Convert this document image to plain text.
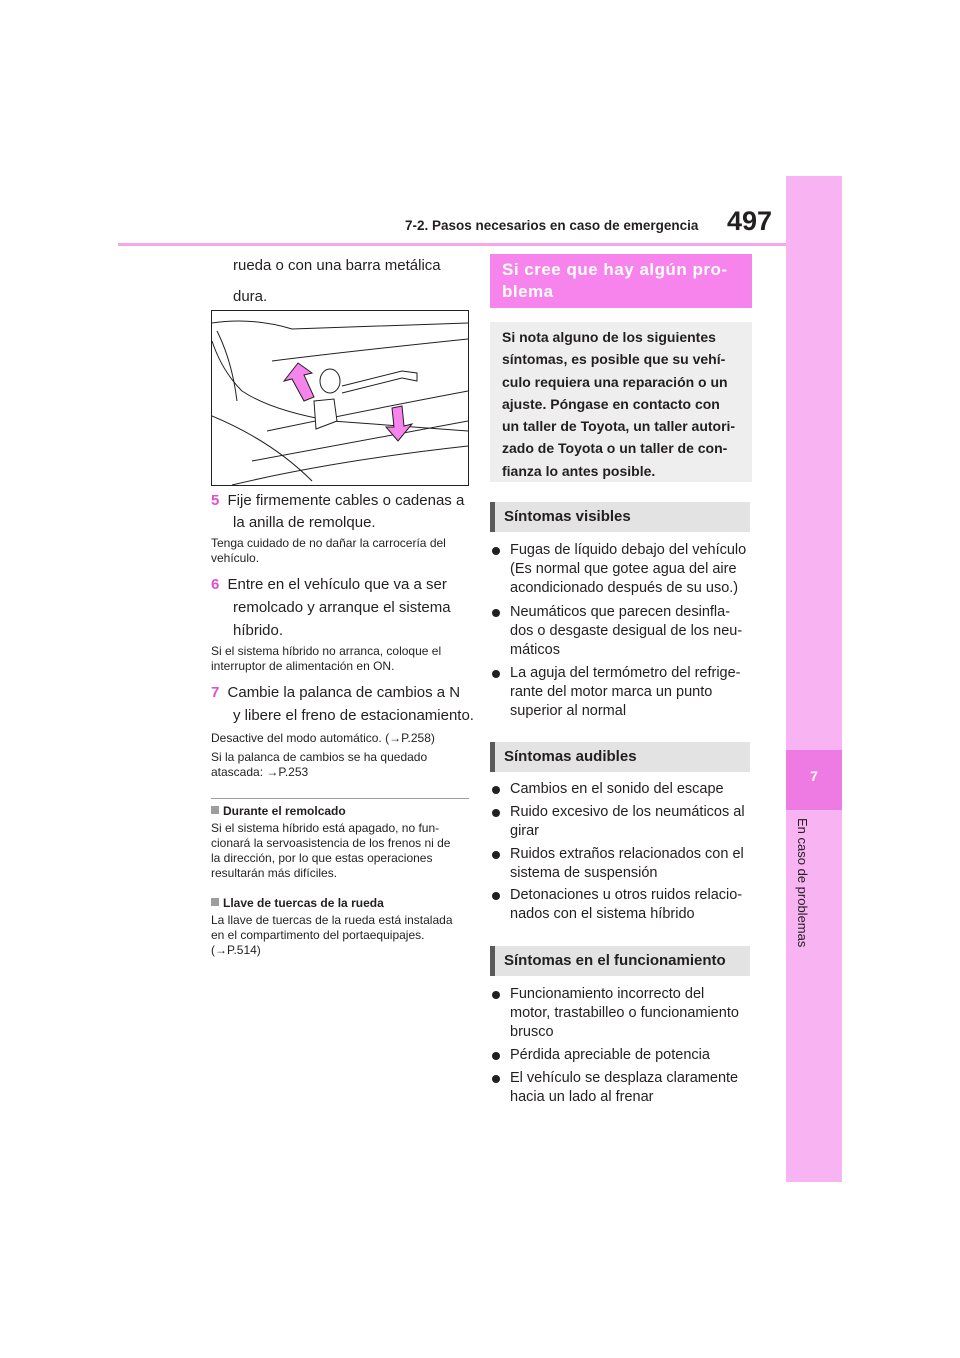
7-2. Pasos necesarios en caso de emergencia 497
7
En caso de problemas
rueda o con una barra metálica
dura.
5 Fije firmemente cables o cadenas a
la anilla de remolque.
Tenga cuidado de no dañar la carrocería del
vehículo.
6 Entre en el vehículo que va a ser
remolcado y arranque el sistema
híbrido.
Si el sistema híbrido no arranca, coloque el
interruptor de alimentación en ON.
7 Cambie la palanca de cambios a N
y libere el freno de estacionamiento.
Desactive del modo automático. (→P.258)
Si la palanca de cambios se ha quedado
atascada: →P.253
Durante el remolcado
Si el sistema híbrido está apagado, no fun-
cionará la servoasistencia de los frenos ni de
la dirección, por lo que estas operaciones
resultarán más difíciles.
Llave de tuercas de la rueda
La llave de tuercas de la rueda está instalada
en el compartimento del portaequipajes.
(→P.514)
Si cree que hay algún pro-
blema
Si nota alguno de los siguientes
síntomas, es posible que su vehí-
culo requiera una reparación o un
ajuste. Póngase en contacto con
un taller de Toyota, un taller autori-
zado de Toyota o un taller de con-
fianza lo antes posible.
Síntomas visibles
Fugas de líquido debajo del vehículo
(Es normal que gotee agua del aire
acondicionado después de su uso.)
Neumáticos que parecen desinfla-
dos o desgaste desigual de los neu-
máticos
La aguja del termómetro del refrige-
rante del motor marca un punto
superior al normal
Síntomas audibles
Cambios en el sonido del escape
Ruido excesivo de los neumáticos al
girar
Ruidos extraños relacionados con el
sistema de suspensión
Detonaciones u otros ruidos relacio-
nados con el sistema híbrido
Síntomas en el funcionamiento
Funcionamiento incorrecto del
motor, trastabilleo o funcionamiento
brusco
Pérdida apreciable de potencia
El vehículo se desplaza claramente
hacia un lado al frenar
